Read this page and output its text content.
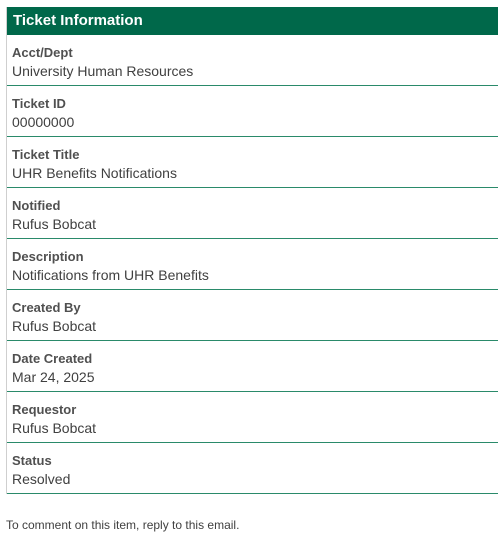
Ticket Information
Acct/Dept
University Human Resources
Ticket ID
00000000
Ticket Title
UHR Benefits Notifications
Notified
Rufus Bobcat
Description
Notifications from UHR Benefits
Created By
Rufus Bobcat
Date Created
Mar 24, 2025
Requestor
Rufus Bobcat
Status
Resolved
To comment on this item, reply to this email.
